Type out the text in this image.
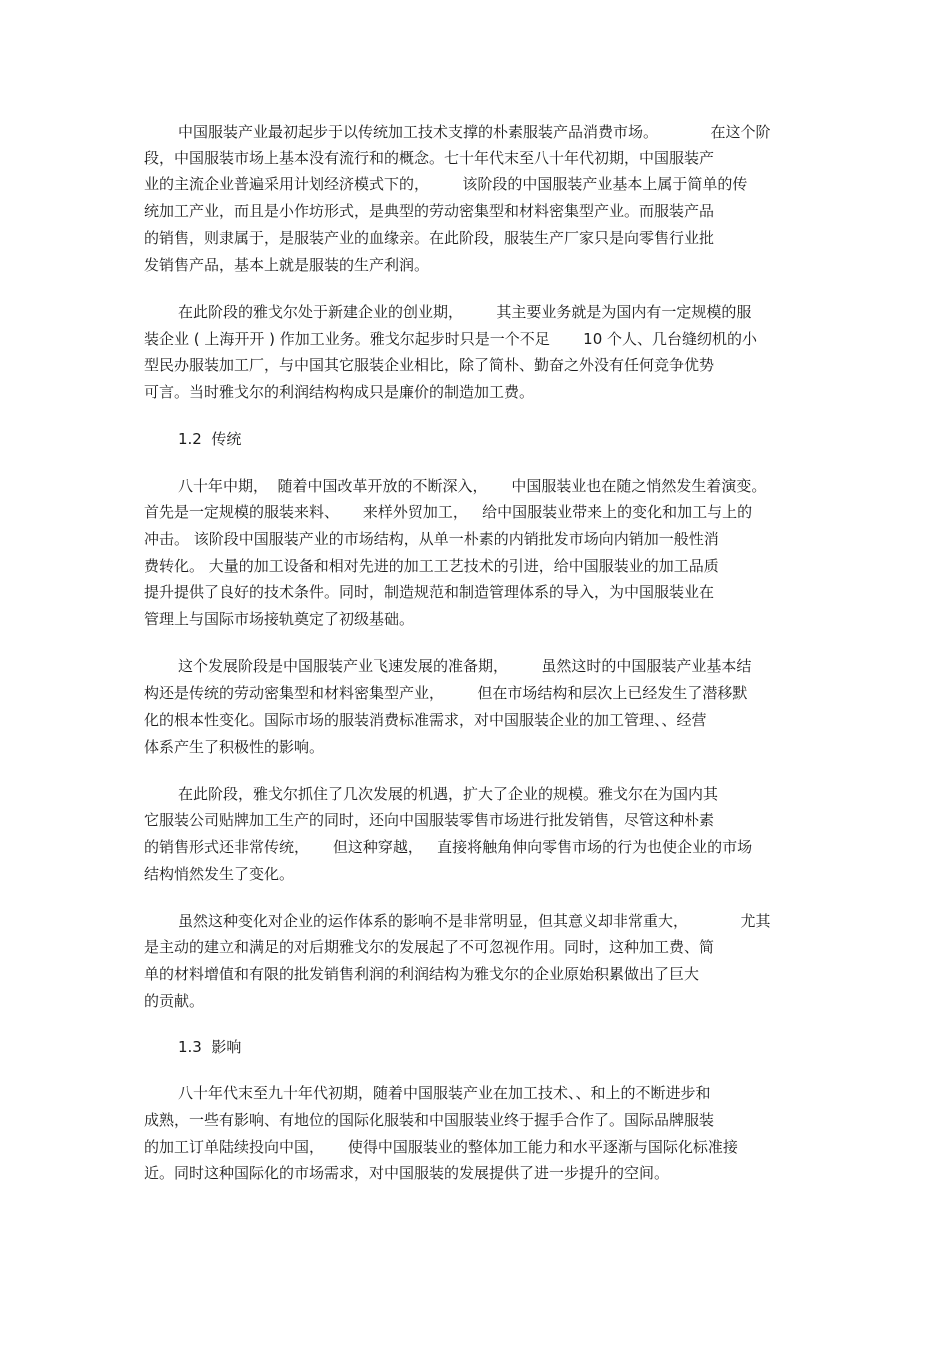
中国服装产业最初起步于以传统加工技术支撑的朴素服装产品消费市场。           在这个阶
段，中国服装市场上基本没有流行和的概念。七十年代末至八十年代初期，中国服装产
业的主流企业普遍采用计划经济模式下的，       该阶段的中国服装产业基本上属于简单的传
统加工产业，而且是小作坊形式，是典型的劳动密集型和材料密集型产业。而服装产品
的销售，则隶属于，是服装产业的血缘亲。在此阶段，服装生产厂家只是向零售行业批
发销售产品，基本上就是服装的生产利润。
在此阶段的雅戈尔处于新建企业的创业期，       其主要业务就是为国内有一定规模的服
装企业 ( 上海开开 ) 作加工业务。雅戈尔起步时只是一个不足       10 个人、几台缝纫机的小
型民办服装加工厂，与中国其它服装企业相比，除了简朴、勤奋之外没有任何竞争优势
可言。当时雅戈尔的利润结构构成只是廉价的制造加工费。
1.2  传统
八十年中期，  随着中国改革开放的不断深入，     中国服装业也在随之悄然发生着演变。
首先是一定规模的服装来料、     来样外贸加工，   给中国服装业带来上的变化和加工与上的
冲击。 该阶段中国服装产业的市场结构，从单一朴素的内销批发市场向内销加一般性消
费转化。 大量的加工设备和相对先进的加工工艺技术的引进，给中国服装业的加工品质
提升提供了良好的技术条件。同时，制造规范和制造管理体系的导入，为中国服装业在
管理上与国际市场接轨奠定了初级基础。
这个发展阶段是中国服装产业飞速发展的准备期，       虽然这时的中国服装产业基本结
构还是传统的劳动密集型和材料密集型产业，       但在市场结构和层次上已经发生了潜移默
化的根本性变化。国际市场的服装消费标准需求，对中国服装企业的加工管理、、经营
体系产生了积极性的影响。
在此阶段，雅戈尔抓住了几次发展的机遇，扩大了企业的规模。雅戈尔在为国内其
它服装公司贴牌加工生产的同时，还向中国服装零售市场进行批发销售，尽管这种朴素
的销售形式还非常传统，     但这种穿越，   直接将触角伸向零售市场的行为也使企业的市场
结构悄然发生了变化。
虽然这种变化对企业的运作体系的影响不是非常明显，但其意义却非常重大，           尤其
是主动的建立和满足的对后期雅戈尔的发展起了不可忽视作用。同时，这种加工费、简
单的材料增值和有限的批发销售利润的利润结构为雅戈尔的企业原始积累做出了巨大
的贡献。
1.3  影响
八十年代末至九十年代初期，随着中国服装产业在加工技术、、和上的不断进步和
成熟，一些有影响、有地位的国际化服装和中国服装业终于握手合作了。国际品牌服装
的加工订单陆续投向中国，     使得中国服装业的整体加工能力和水平逐渐与国际化标准接
近。同时这种国际化的市场需求，对中国服装的发展提供了进一步提升的空间。
